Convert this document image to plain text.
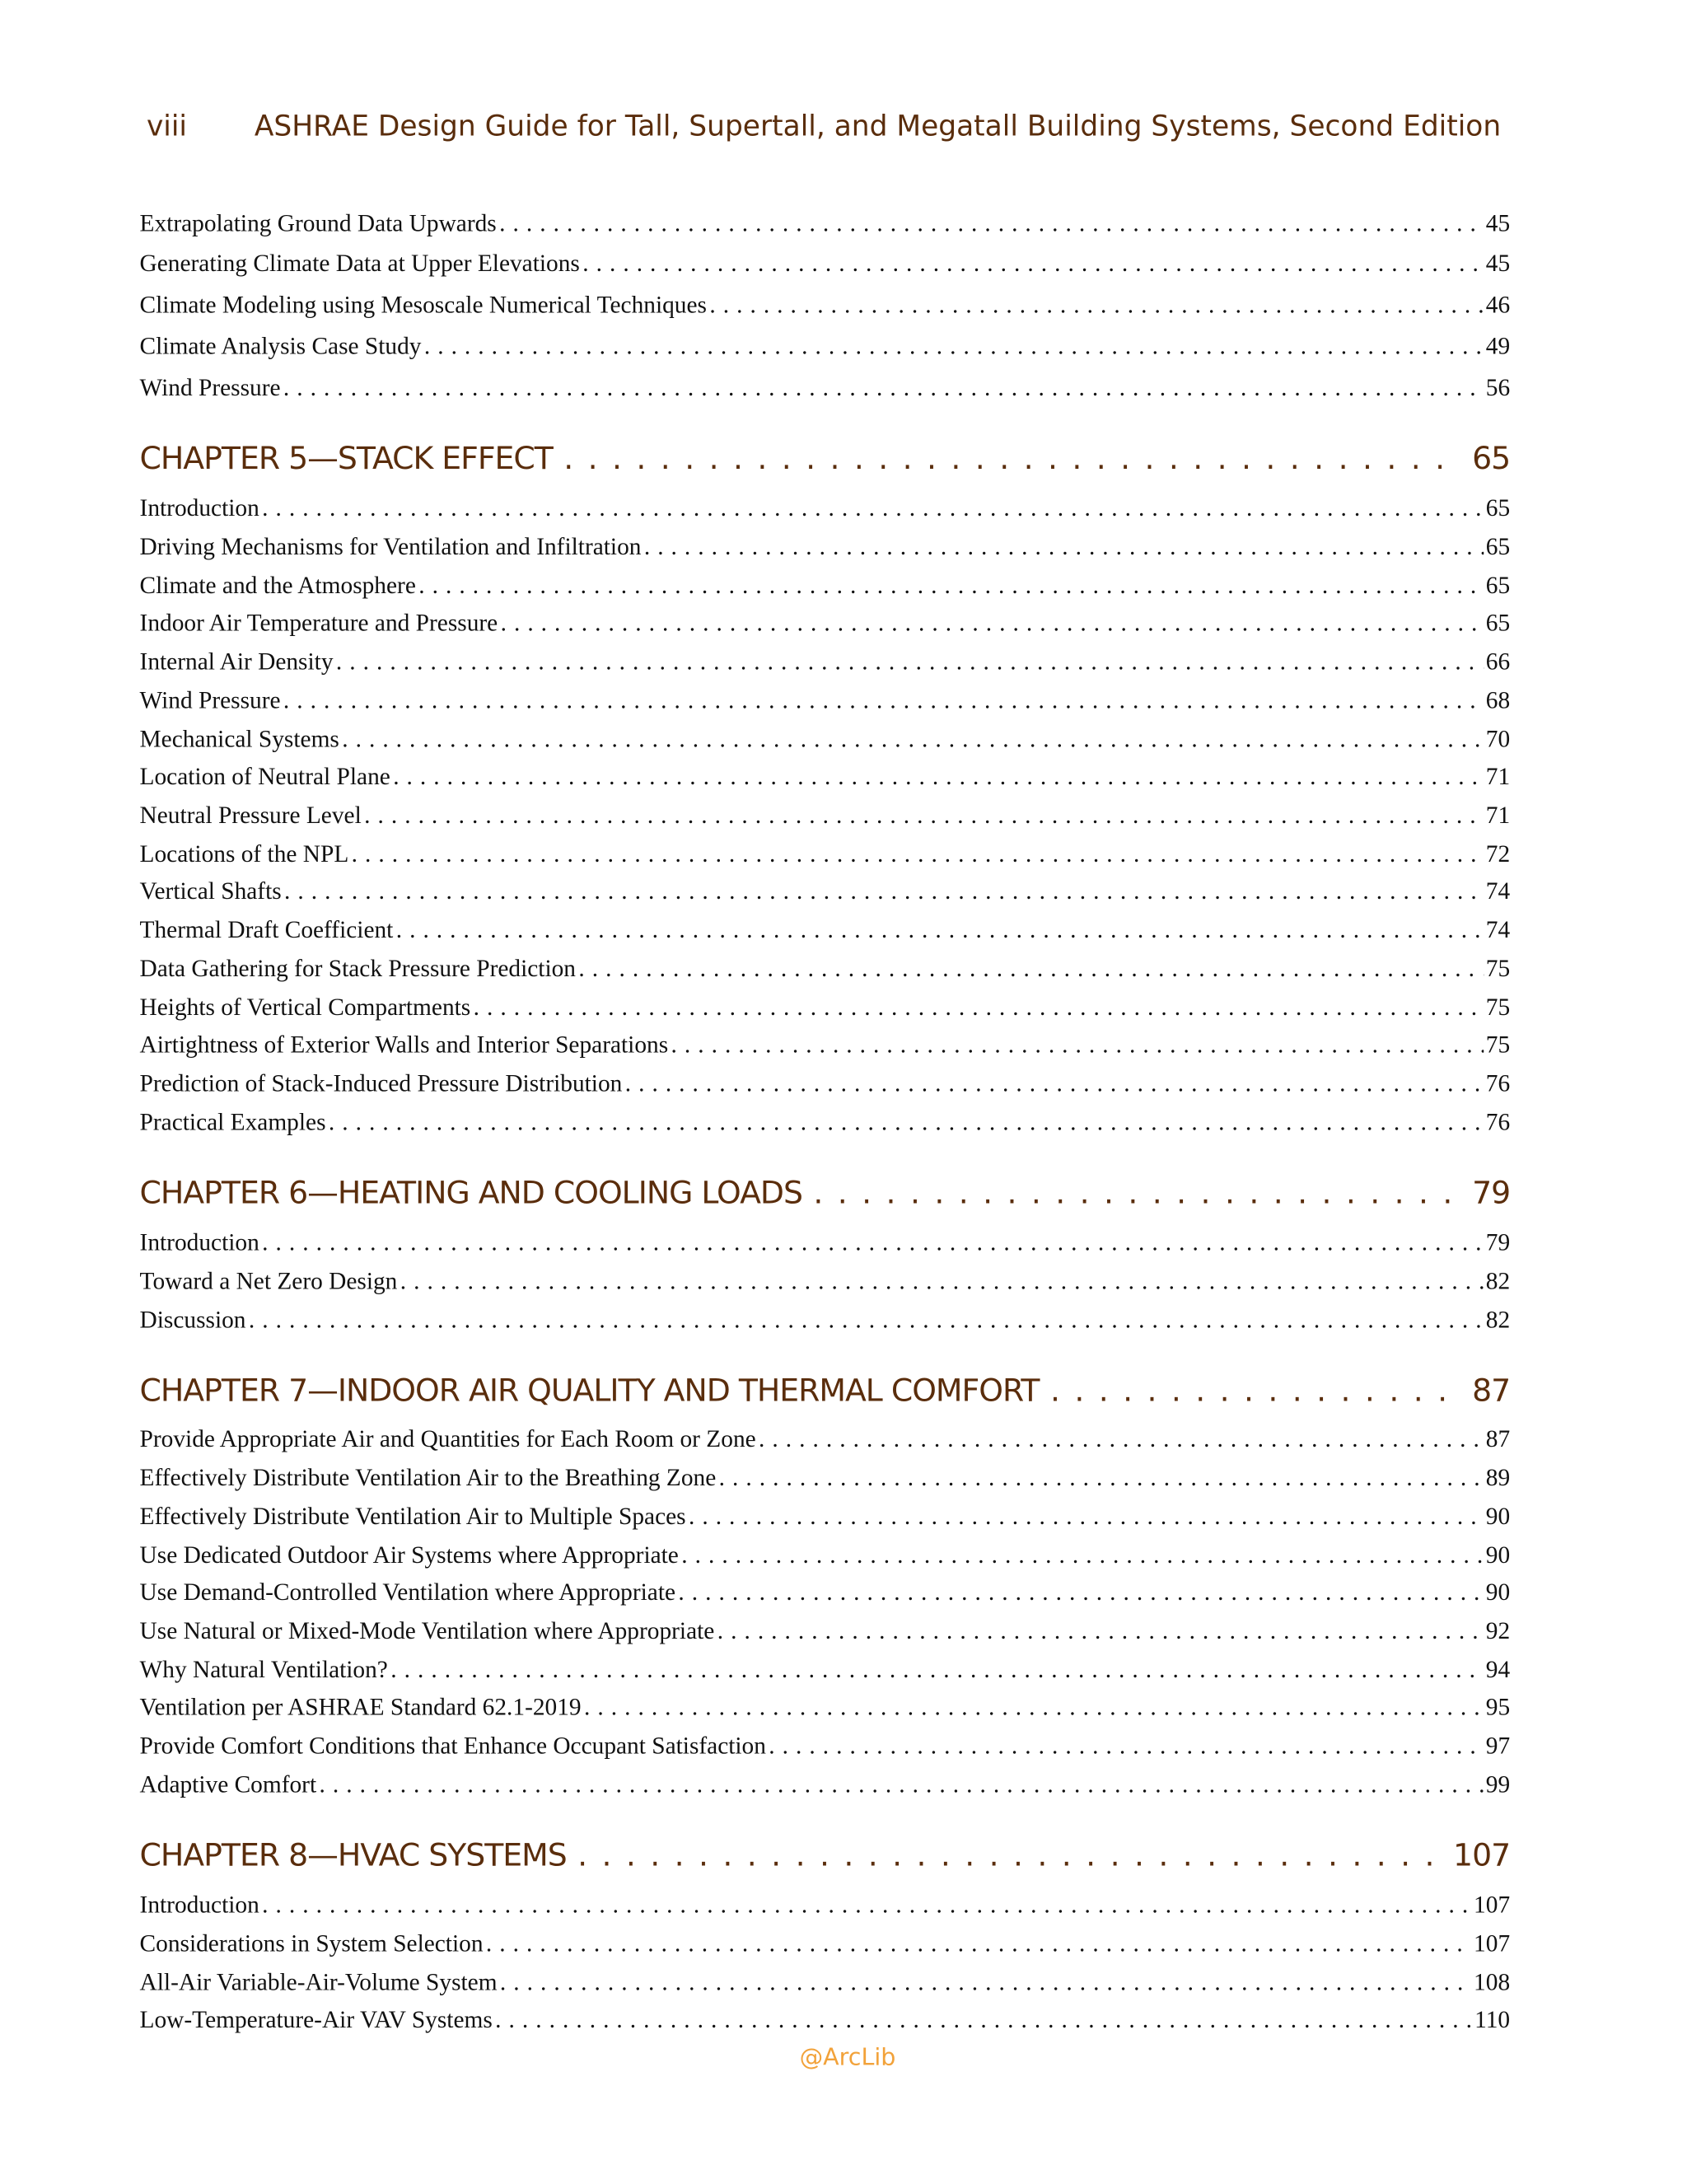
viii	ASHRAE Design Guide for Tall, Supertall, and Megatall Building Systems, Second Edition
Extrapolating Ground Data Upwards . . .	45
Generating Climate Data at Upper Elevations . . .	45
Climate Modeling using Mesoscale Numerical Techniques . . .	46
Climate Analysis Case Study . . .	49
Wind Pressure . . .	56
CHAPTER 5—STACK EFFECT . . .	65
Introduction . . .	65
Driving Mechanisms for Ventilation and Infiltration . . .	65
Climate and the Atmosphere . . .	65
Indoor Air Temperature and Pressure . . .	65
Internal Air Density . . .	66
Wind Pressure . . .	68
Mechanical Systems . . .	70
Location of Neutral Plane . . .	71
Neutral Pressure Level . . .	71
Locations of the NPL . . .	72
Vertical Shafts . . .	74
Thermal Draft Coefficient . . .	74
Data Gathering for Stack Pressure Prediction . . .	75
Heights of Vertical Compartments . . .	75
Airtightness of Exterior Walls and Interior Separations . . .	75
Prediction of Stack-Induced Pressure Distribution . . .	76
Practical Examples . . .	76
CHAPTER 6—HEATING AND COOLING LOADS . . .	79
Introduction . . .	79
Toward a Net Zero Design . . .	82
Discussion . . .	82
CHAPTER 7—INDOOR AIR QUALITY AND THERMAL COMFORT . . .	87
Provide Appropriate Air and Quantities for Each Room or Zone . . .	87
Effectively Distribute Ventilation Air to the Breathing Zone . . .	89
Effectively Distribute Ventilation Air to Multiple Spaces . . .	90
Use Dedicated Outdoor Air Systems where Appropriate . . .	90
Use Demand-Controlled Ventilation where Appropriate . . .	90
Use Natural or Mixed-Mode Ventilation where Appropriate . . .	92
Why Natural Ventilation? . . .	94
Ventilation per ASHRAE Standard 62.1-2019 . . .	95
Provide Comfort Conditions that Enhance Occupant Satisfaction . . .	97
Adaptive Comfort . . .	99
CHAPTER 8—HVAC SYSTEMS . . .	107
Introduction . . .	107
Considerations in System Selection . . .	107
All-Air Variable-Air-Volume System . . .	108
Low-Temperature-Air VAV Systems . . .	110
@ArcLib
